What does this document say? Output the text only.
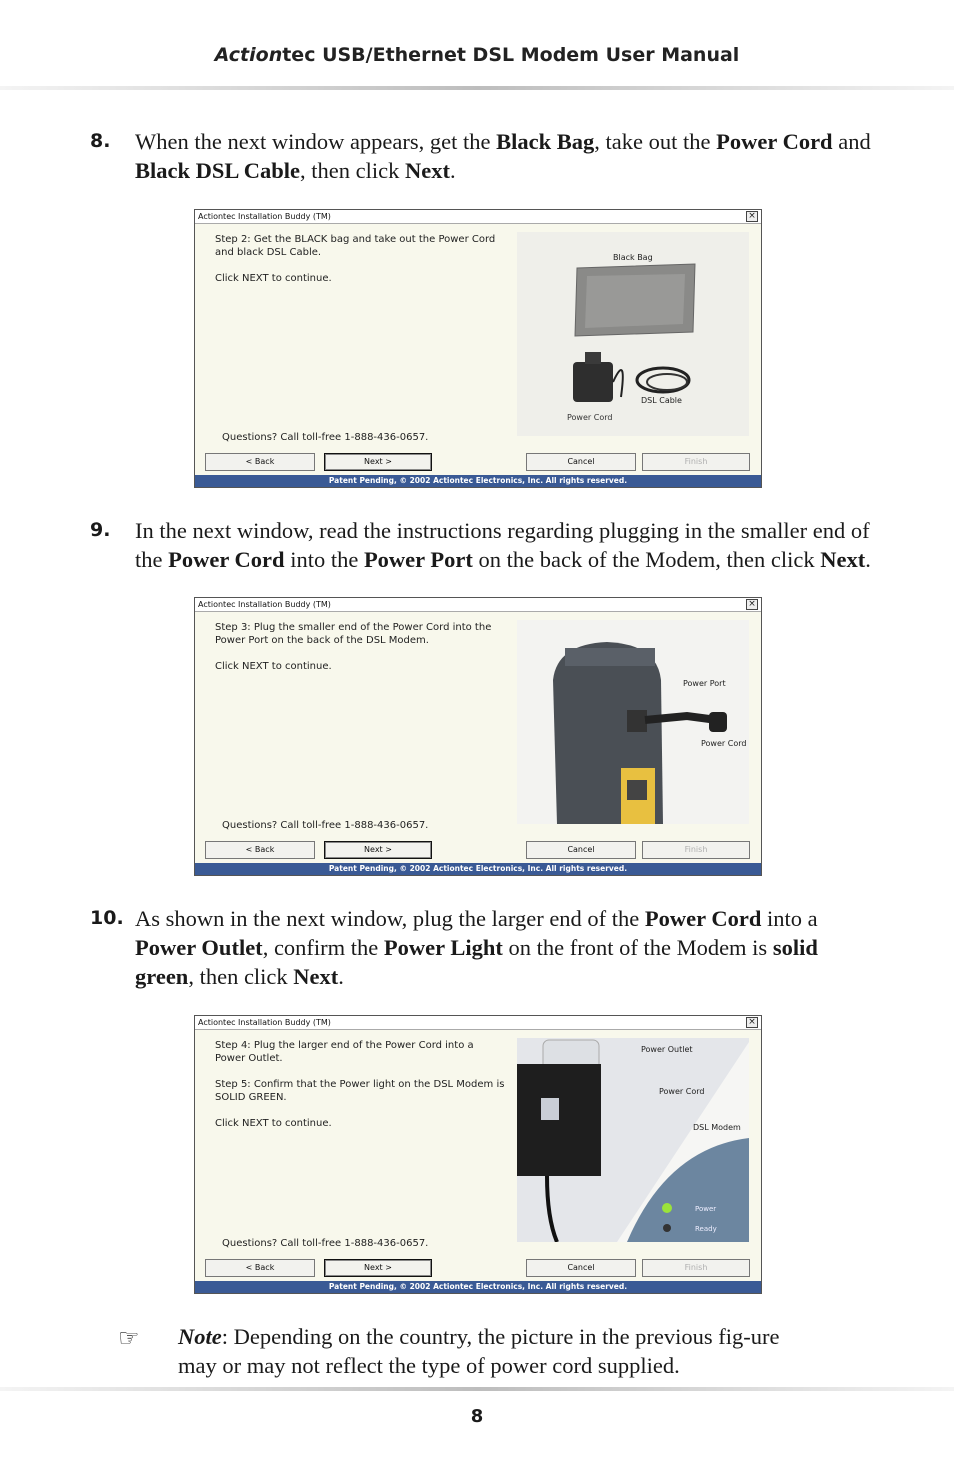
Actiontec USB/Ethernet DSL Modem User Manual
8. When the next window appears, get the Black Bag, take out the Power Cord and Black DSL Cable, then click Next.
Actiontec Installation Buddy (TM)	×

Step 2: Get the BLACK bag and take out the Power Cord and black DSL Cable.

Click NEXT to continue.

Black Bag
DSL Cable
Power Cord
Questions? Call toll-free 1-888-436-0657.
< Back	Next >	Cancel	Finish
Patent Pending, © 2002 Actiontec Electronics, Inc. All rights reserved.
9. In the next window, read the instructions regarding plugging in the smaller end of the Power Cord into the Power Port on the back of the Modem, then click Next.
Actiontec Installation Buddy (TM)	×

Step 3: Plug the smaller end of the Power Cord into the Power Port on the back of the DSL Modem.

Click NEXT to continue.

Power Port
Power Cord
Questions? Call toll-free 1-888-436-0657.
< Back	Next >	Cancel	Finish
Patent Pending, © 2002 Actiontec Electronics, Inc. All rights reserved.
10. As shown in the next window, plug the larger end of the Power Cord into a Power Outlet, confirm the Power Light on the front of the Modem is solid green, then click Next.
Actiontec Installation Buddy (TM)	×

Step 4: Plug the larger end of the Power Cord into a Power Outlet.

Step 5: Confirm that the Power light on the DSL Modem is SOLID GREEN.

Click NEXT to continue.

Power Outlet
Power Cord
DSL Modem
Power
Ready
Questions? Call toll-free 1-888-436-0657.
< Back	Next >	Cancel	Finish
Patent Pending, © 2002 Actiontec Electronics, Inc. All rights reserved.
☞ Note: Depending on the country, the picture in the previous fig-ure may or may not reflect the type of power cord supplied.
8
